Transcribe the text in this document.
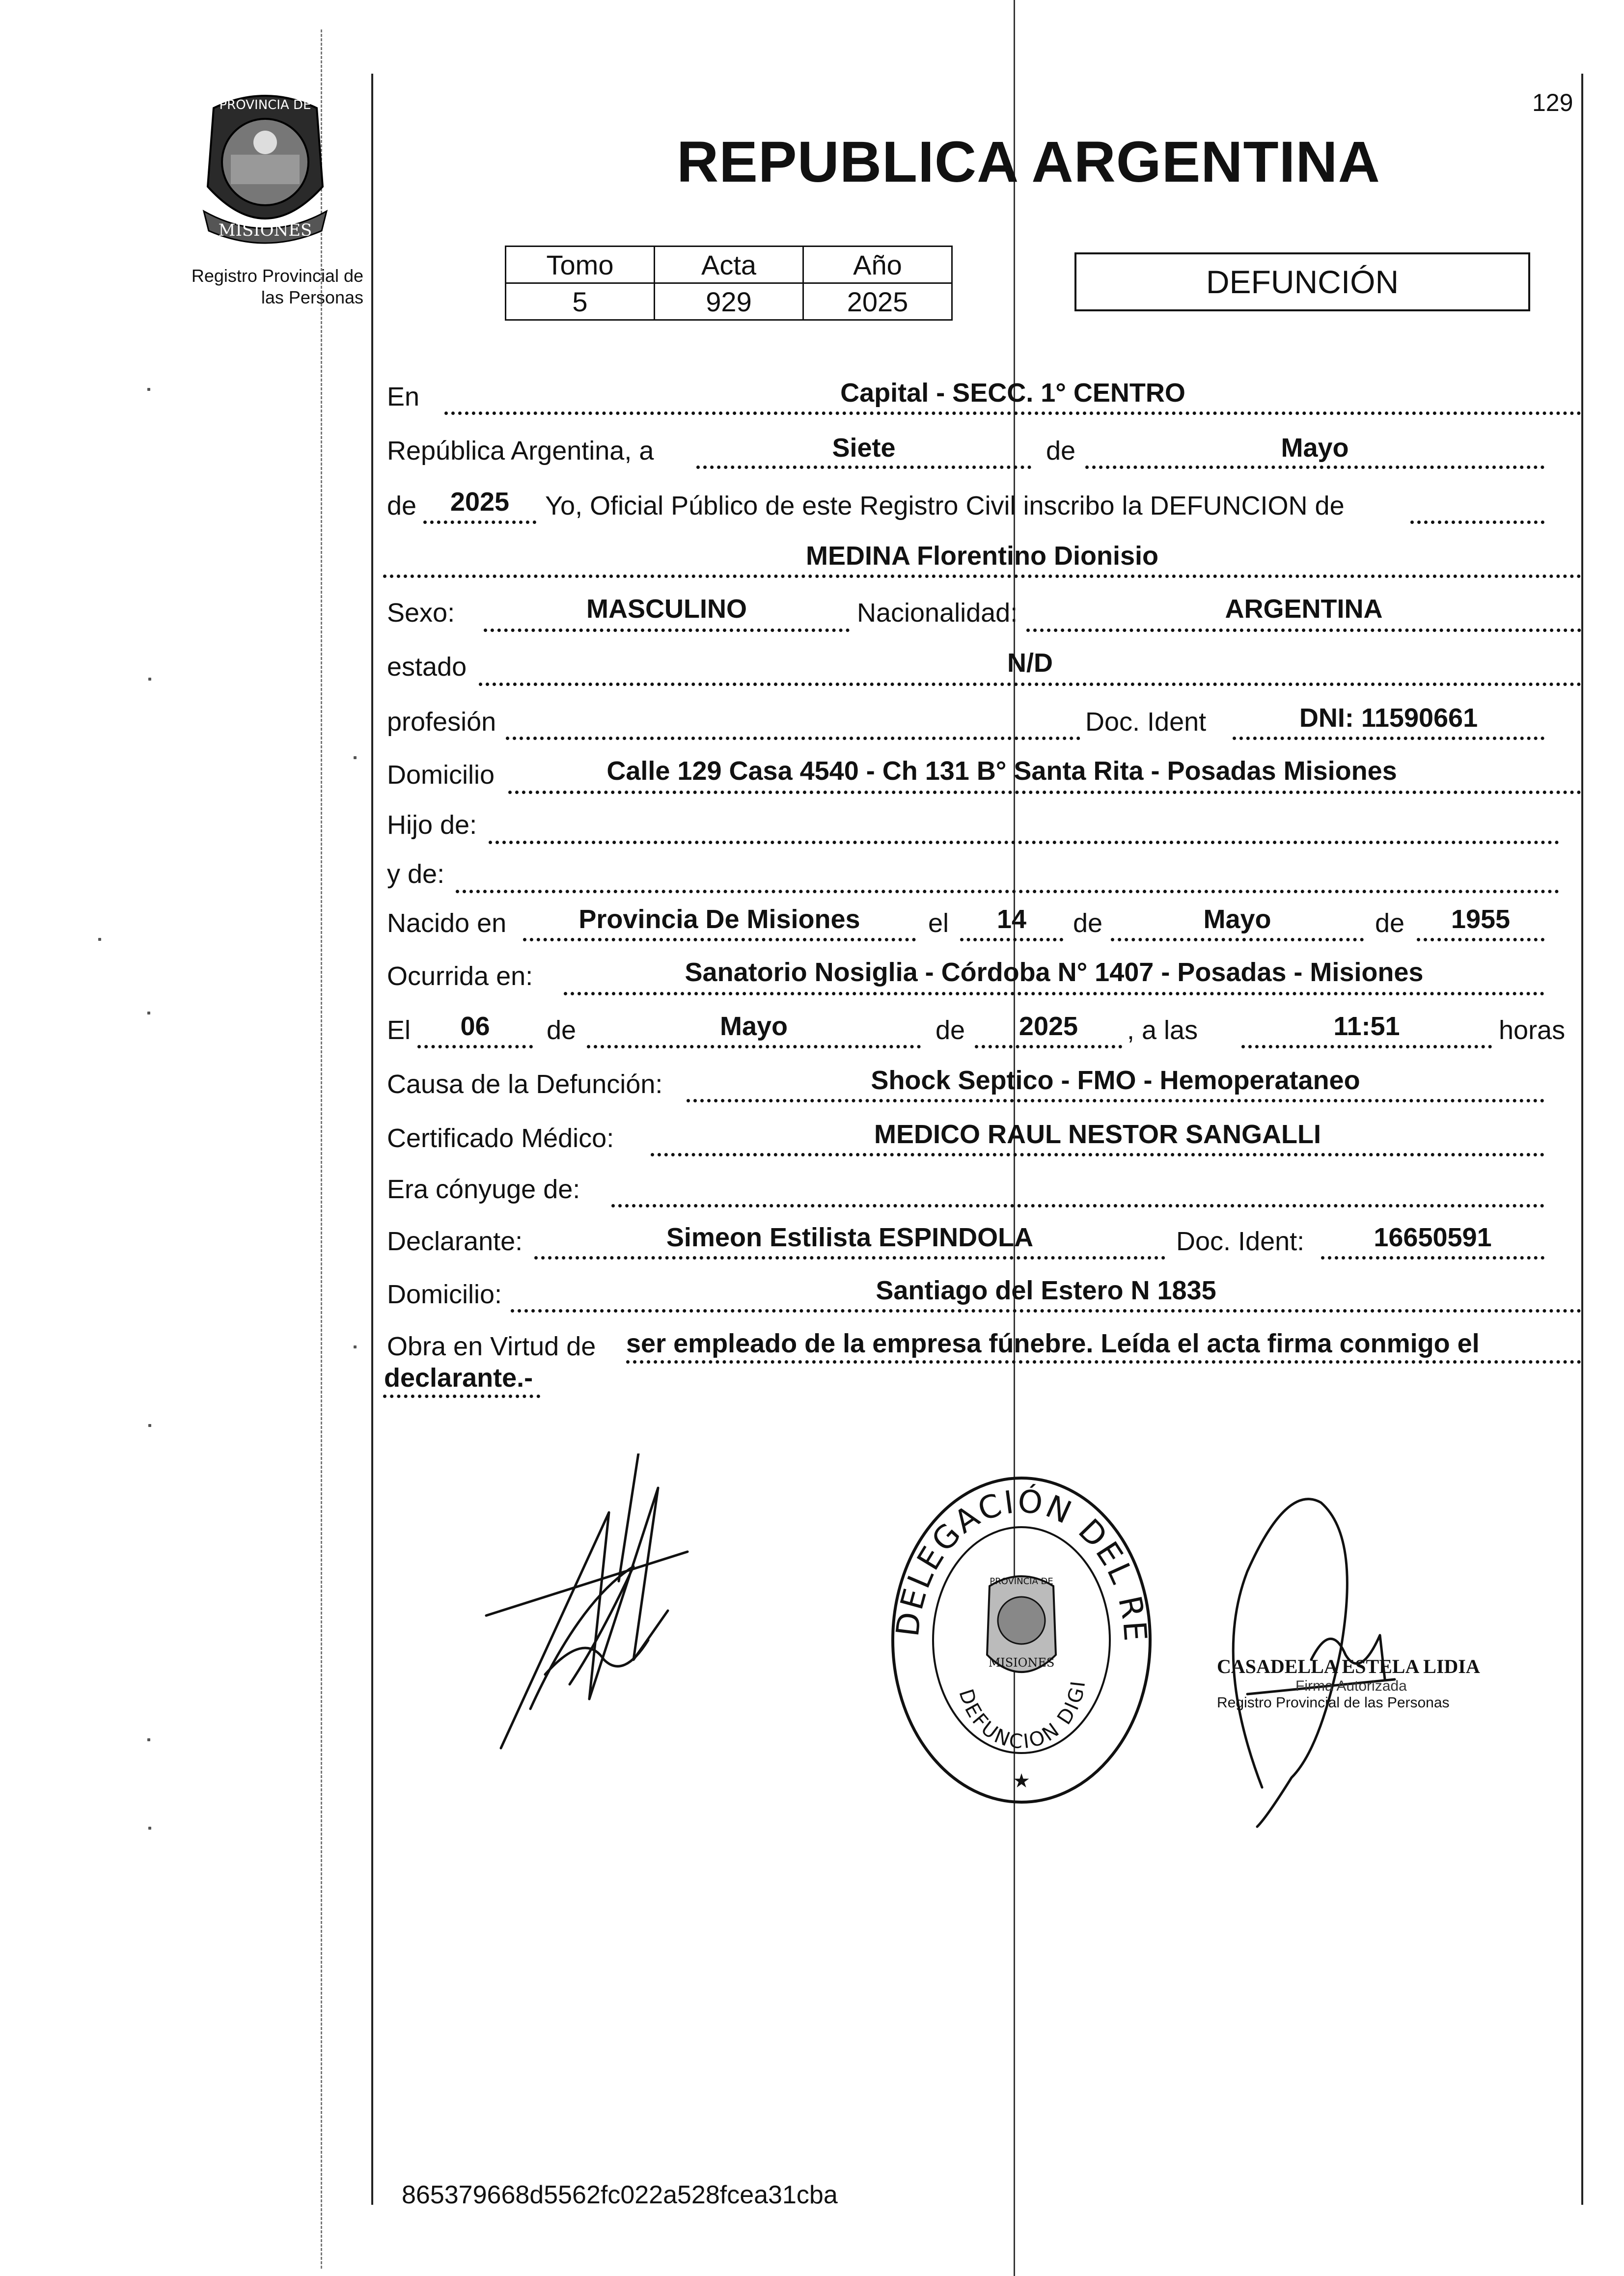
129
PROVINCIA DE
MISIONES
Registro Provincial de
las Personas
REPUBLICA ARGENTINA
Tomo	Acta	Año
5	929	2025
DEFUNCIÓN
En	Capital - SECC. 1° CENTRO
República Argentina, a	Siete	de	Mayo
de	2025	Yo, Oficial Público de este Registro Civil inscribo la DEFUNCION de
MEDINA Florentino Dionisio
Sexo:	MASCULINO	Nacionalidad:	ARGENTINA
estado	N/D
profesión	Doc. Ident	DNI: 11590661
Domicilio	Calle 129 Casa 4540 - Ch 131 B° Santa Rita - Posadas Misiones
Hijo de:
y de:
Nacido en	Provincia De Misiones	el	14	de	Mayo	de	1955
Ocurrida en:	Sanatorio Nosiglia - Córdoba N° 1407 - Posadas - Misiones
El	06	de	Mayo	de	2025	, a las	11:51	horas
Causa de la Defunción:	Shock Septico - FMO - Hemoperataneo
Certificado Médico:	MEDICO RAUL NESTOR SANGALLI
Era cónyuge de:
Declarante:	Simeon Estilista ESPINDOLA	Doc. Ident:	16650591
Domicilio:	Santiago del Estero N 1835
Obra en Virtud de ser empleado de la empresa fúnebre. Leída el acta firma conmigo el
declarante.-
DELEGACIÓN DEL RE
DEFUNCION DIGI
PROVINCIA DE
MISIONES
★
CASADELLA ESTELA LIDIA
Firma Autorizada
Registro Provincial de las Personas
865379668d5562fc022a528fcea31cba
